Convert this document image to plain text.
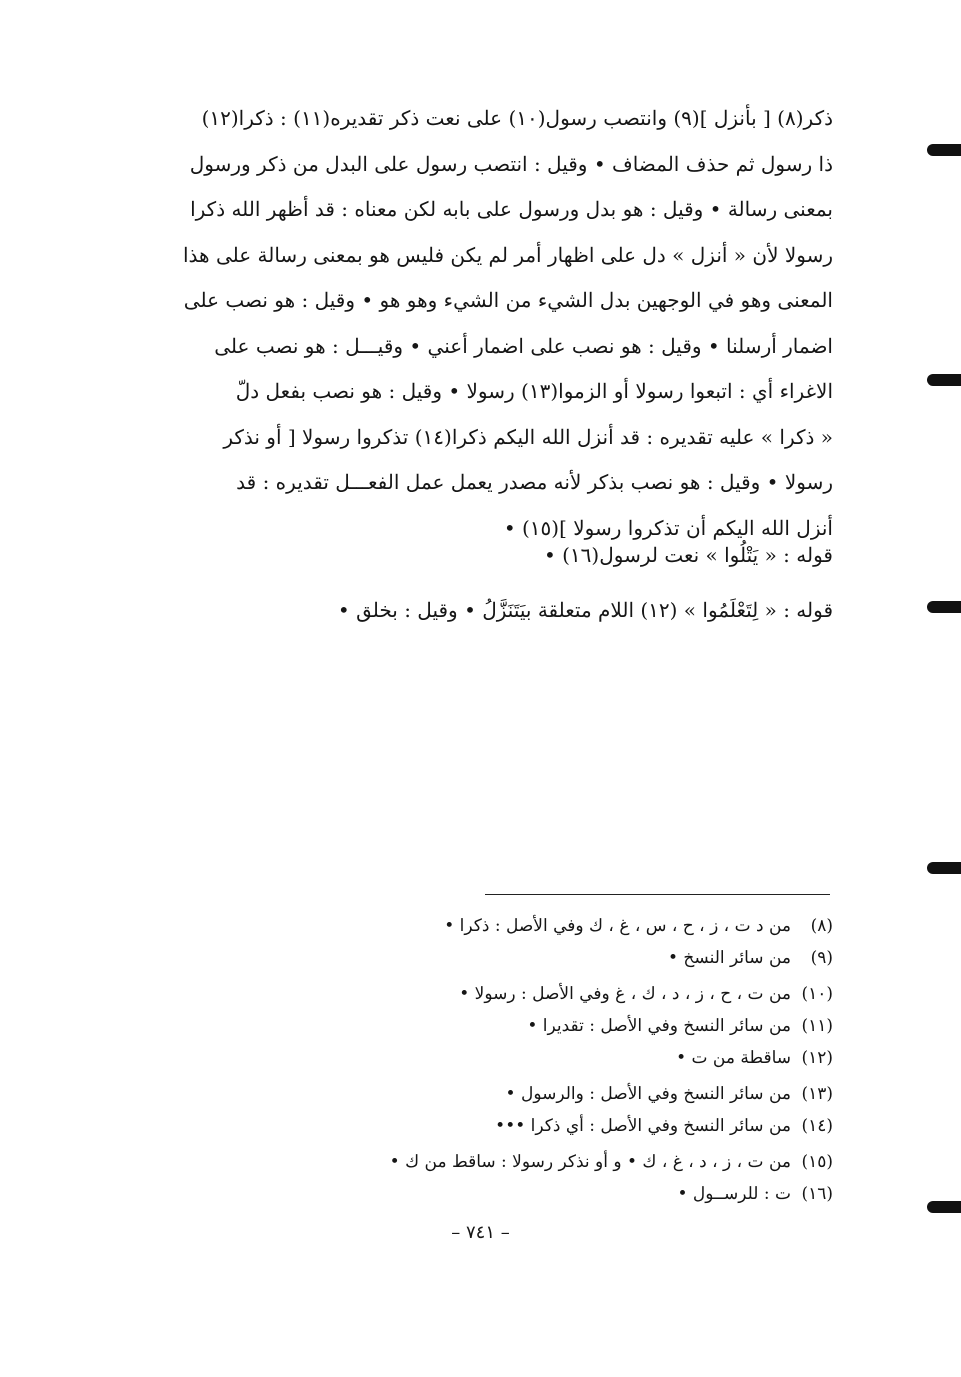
ذكر(٨) [ بأنزل ](٩) وانتصب رسول(١٠) على نعت ذكر تقديره(١١) : ذكرا(١٢)
ذا رسول ثم حذف المضاف • وقيل : انتصب رسول على البدل من ذكر ورسول
بمعنى رسالة • وقيل : هو بدل ورسول على بابه لكن معناه : قد أظهر الله ذكرا
رسولا لأن « أنزل » دل على اظهار أمر لم يكن فليس هو بمعنى رسالة على هذا
المعنى وهو في الوجهين بدل الشيء من الشيء وهو هو • وقيل : هو نصب على
اضمار أرسلنا • وقيل : هو نصب على اضمار أعني • وقيـــل : هو نصب على
الاغراء أي : اتبعوا رسولا أو الزموا(١٣) رسولا • وقيل : هو نصب بفعل دلّ
« ذكرا » عليه تقديره : قد أنزل الله اليكم ذكرا(١٤) تذكروا رسولا [ أو نذكر
رسولا • وقيل : هو نصب بذكر لأنه مصدر يعمل عمل الفعـــل تقديره : قد
أنزل الله اليكم أن تذكروا رسولا ](١٥) •
قوله : « يَتْلُوا » نعت لرسول(١٦) •
قوله : « لِتَعْلَمُوا » (١٢) اللام متعلقة بيَتَنَزَّلُ • وقيل : بخلق •
(٨)
من د ت ، ز ، ح ، س ، غ ، ك وفي الأصل : ذكرا •
(٩)
من سائر النسخ •
(١٠)
من ت ، ح ، ز ، د ، ك ، غ وفي الأصل : رسولا •
(١١)
من سائر النسخ وفي الأصل : تقديرا •
(١٢)
ساقطة من ت •
(١٣)
من سائر النسخ وفي الأصل : والرسول •
(١٤)
من سائر النسخ وفي الأصل : أي ذكرا •••
(١٥)
من ت ، ز ، د ، غ ، ك • و أو نذكر رسولا : ساقط من ك •
(١٦)
ت : للرســول •
– ٧٤١ –
